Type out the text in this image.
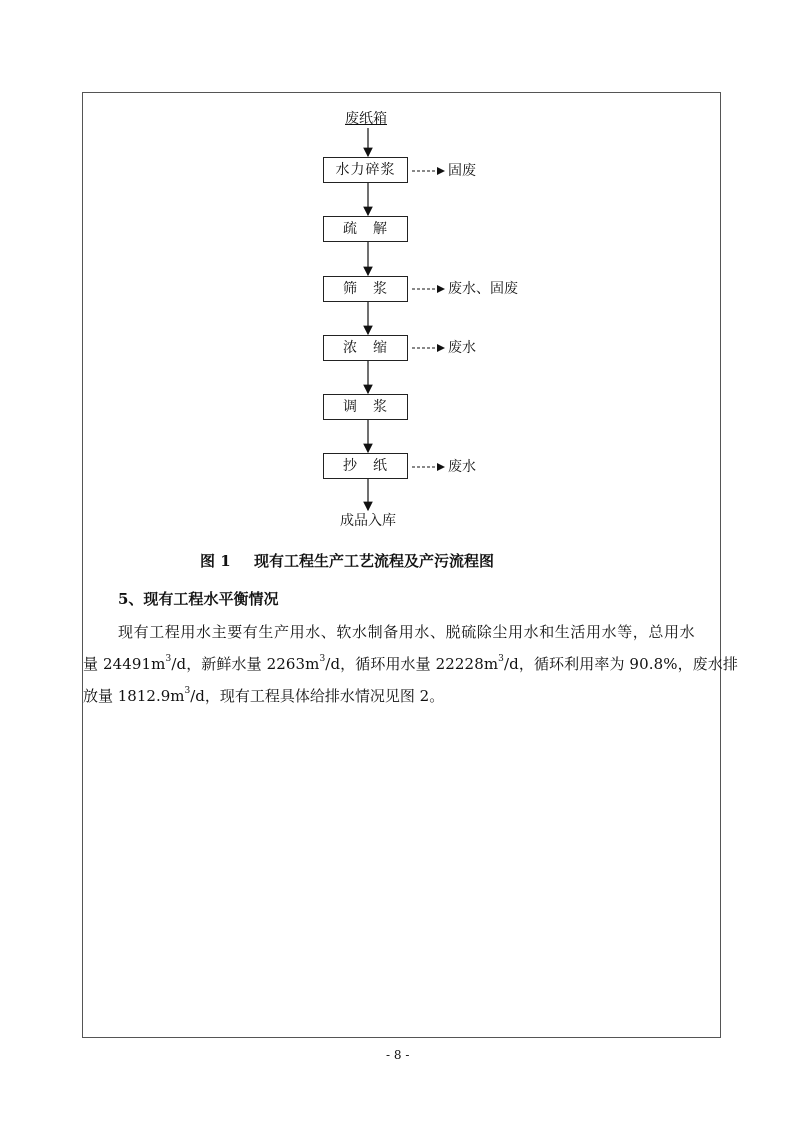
废纸箱
水力碎浆
疏　解
筛　浆
浓　缩
调　浆
抄　纸
固废
废水、固废
废水
废水
成品入库
图 1 现有工程生产工艺流程及产污流程图
5、现有工程水平衡情况
现有工程用水主要有生产用水、软水制备用水、脱硫除尘用水和生活用水等，总用水
量 $24491m^3/d$，新鲜水量 $2263m^3/d$，循环用水量 $22228m^3/d$，循环利用率为 90.8%，废水排
放量 $1812.9m^3/d$，现有工程具体给排水情况见图 2。
- 8 -
